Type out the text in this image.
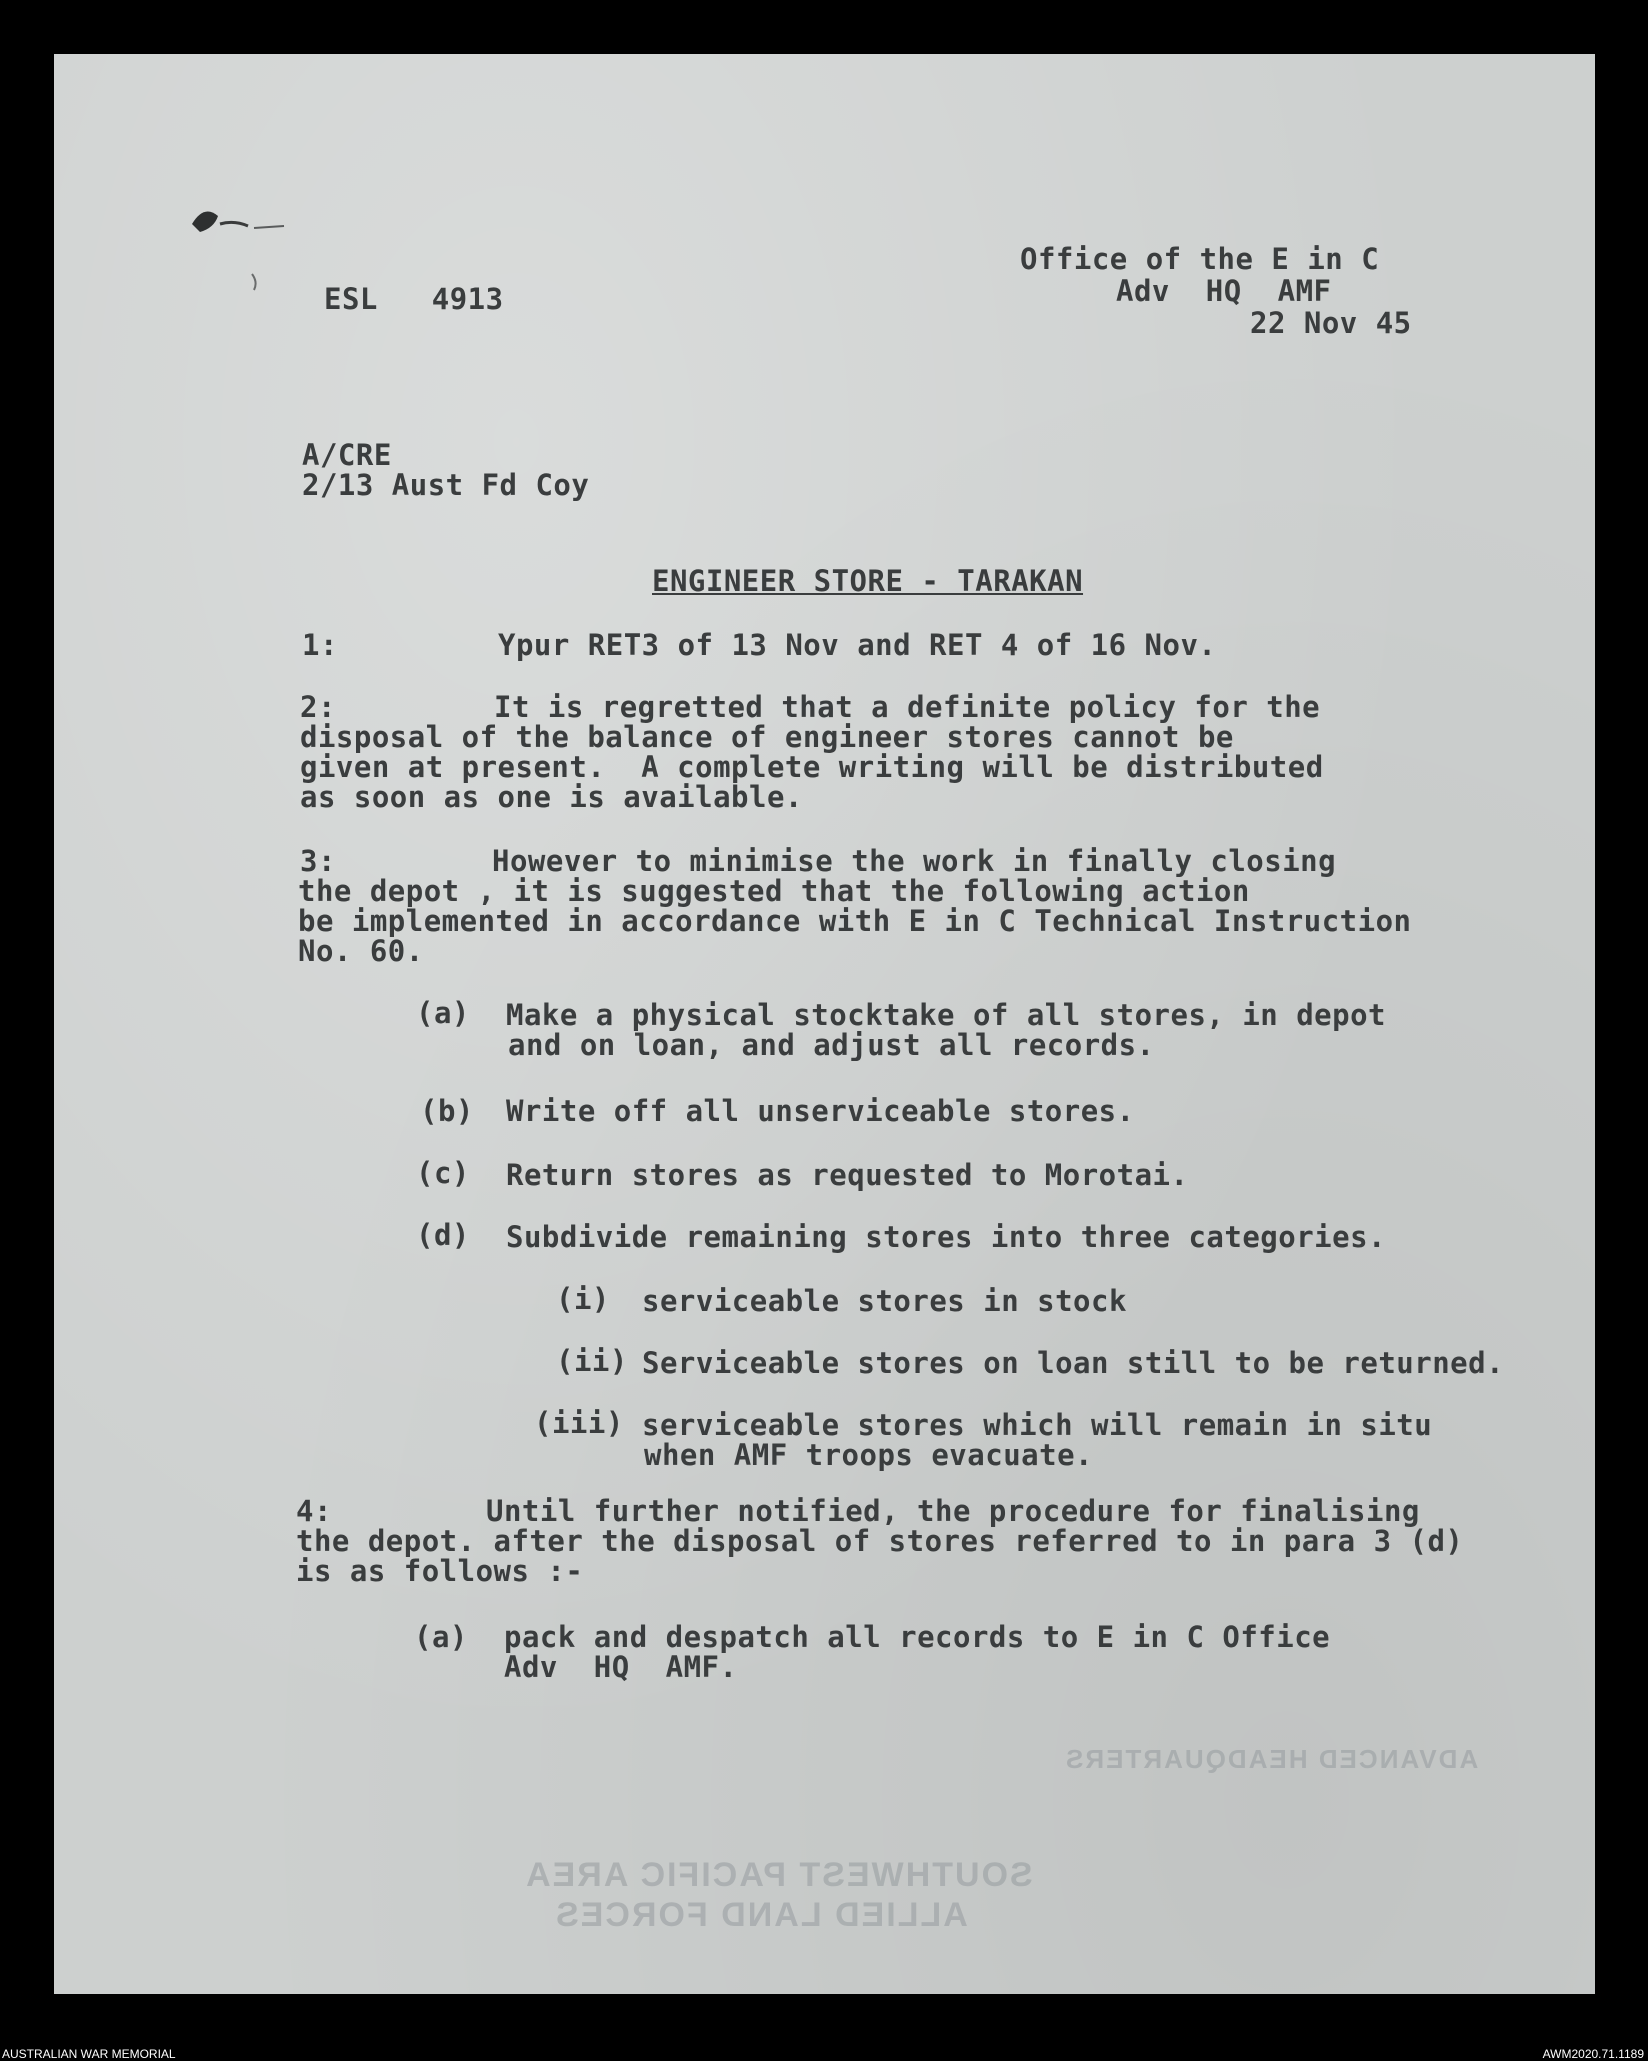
ESL   4913
Office of the E in C
Adv  HQ  AMF
22 Nov 45
A/CRE
2/13 Aust Fd Coy
ENGINEER STORE - TARAKAN
1:	Ypur RET3 of 13 Nov and RET 4 of 16 Nov.
2:	It is regretted that a definite policy for the
disposal of the balance of engineer stores cannot be
given at present.  A complete writing will be distributed
as soon as one is available.
3:	However to minimise the work in finally closing
the depot , it is suggested that the following action
be implemented in accordance with E in C Technical Instruction
No. 60.
(a) Make a physical stocktake of all stores, in depot
and on loan, and adjust all records.
(b) Write off all unserviceable stores.
(c) Return stores as requested to Morotai.
(d) Subdivide remaining stores into three categories.
(i) serviceable stores in stock
(ii) Serviceable stores on loan still to be returned.
(iii) serviceable stores which will remain in situ
when AMF troops evacuate.
4:	Until further notified, the procedure for finalising
the depot. after the disposal of stores referred to in para 3 (d)
is as follows :-
(a) pack and despatch all records to E in C Office
Adv  HQ  AMF.
ADVANCED HEADQUARTERS
SOUTHWEST PACIFIC AREA
ALLIED LAND FORCES
AUSTRALIAN WAR MEMORIAL	AWM2020.71.1189
